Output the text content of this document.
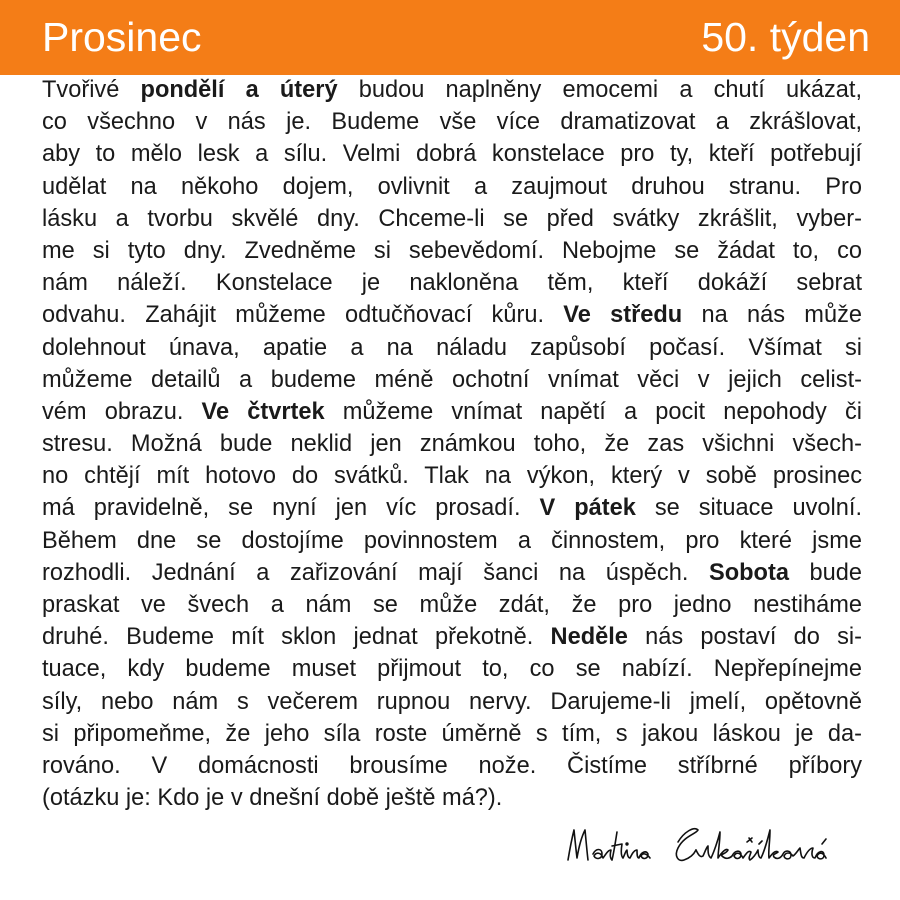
Prosinec	50. týden
Tvořivé pondělí a úterý budou naplněny emocemi a chutí ukázat,
co všechno v nás je. Budeme vše více dramatizovat a zkrášlovat,
aby to mělo lesk a sílu. Velmi dobrá konstelace pro ty, kteří potřebují
udělat na někoho dojem, ovlivnit a zaujmout druhou stranu. Pro
lásku a tvorbu skvělé dny. Chceme-li se před svátky zkrášlit, vyber-
me si tyto dny. Zvedněme si sebevědomí. Nebojme se žádat to, co
nám náleží. Konstelace je nakloněna těm, kteří dokáží sebrat
odvahu. Zahájit můžeme odtučňovací kůru. Ve středu na nás může
dolehnout únava, apatie a na náladu zapůsobí počasí. Všímat si
můžeme detailů a budeme méně ochotní vnímat věci v jejich celist-
vém obrazu. Ve čtvrtek můžeme vnímat napětí a pocit nepohody či
stresu. Možná bude neklid jen známkou toho, že zas všichni všech-
no chtějí mít hotovo do svátků. Tlak na výkon, který v sobě prosinec
má pravidelně, se nyní jen víc prosadí. V pátek se situace uvolní.
Během dne se dostojíme povinnostem a činnostem, pro které jsme
rozhodli. Jednání a zařizování mají šanci na úspěch. Sobota bude
praskat ve švech a nám se může zdát, že pro jedno nestiháme
druhé. Budeme mít sklon jednat překotně. Neděle nás postaví do si-
tuace, kdy budeme muset přijmout to, co se nabízí. Nepřepínejme
síly, nebo nám s večerem rupnou nervy. Darujeme-li jmelí, opětovně
si připomeňme, že jeho síla roste úměrně s tím, s jakou láskou je da-
rováno. V domácnosti brousíme nože. Čistíme stříbrné příbory
(otázku je: Kdo je v dnešní době ještě má?).
